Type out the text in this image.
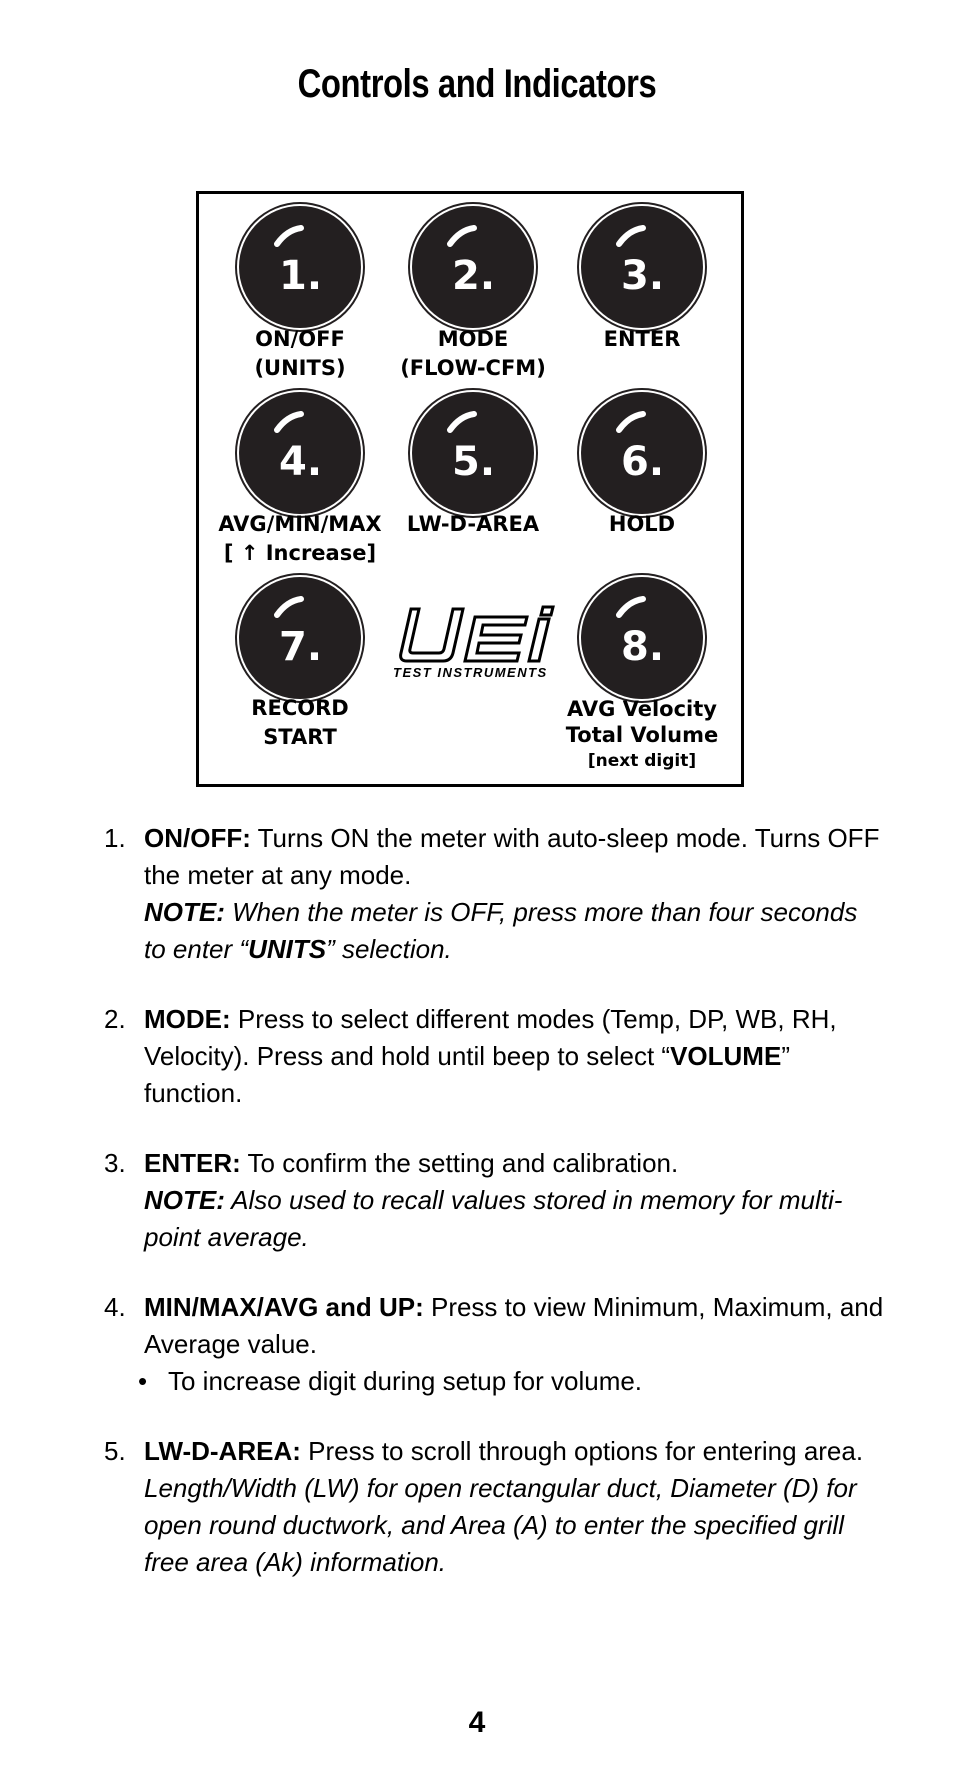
Controls and Indicators
1.	2.	3.
ON/OFF
(UNITS)
MODE
(FLOW-CFM)
ENTER
4.	5.	6.
AVG/MIN/MAX
[ ↑ Increase]
LW-D-AREA	HOLD
7.	8.
TEST INSTRUMENTS
RECORD
START
AVG Velocity
Total Volume
[next digit]
1. ON/OFF: Turns ON the meter with auto-sleep mode. Turns OFF the meter at any mode.
NOTE: When the meter is OFF, press more than four seconds to enter “UNITS” selection.
2. MODE: Press to select different modes (Temp, DP, WB, RH, Velocity). Press and hold until beep to select “VOLUME” function.
3. ENTER: To confirm the setting and calibration.
NOTE: Also used to recall values stored in memory for multi-point average.
4. MIN/MAX/AVG and UP: Press to view Minimum, Maximum, and Average value.
• To increase digit during setup for volume.
5. LW-D-AREA: Press to scroll through options for entering area.
Length/Width (LW) for open rectangular duct, Diameter (D) for open round ductwork, and Area (A) to enter the specified grill free area (Ak) information.
4
